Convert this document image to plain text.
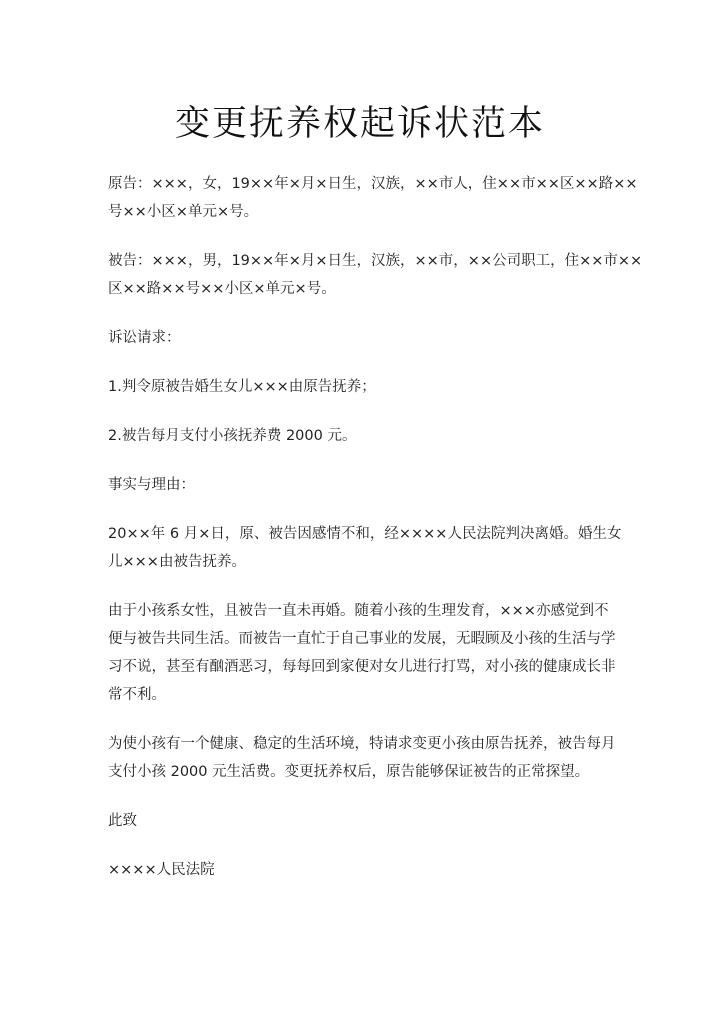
变更抚养权起诉状范本

原告：×××，女，19××年×月×日生，汉族，××市人，住××市××区××路××
号××小区×单元×号。

被告：×××，男，19××年×月×日生，汉族，××市，××公司职工，住××市××
区××路××号××小区×单元×号。

诉讼请求：

1.判令原被告婚生女儿×××由原告抚养；

2.被告每月支付小孩抚养费 2000 元。

事实与理由：

20××年 6 月×日，原、被告因感情不和，经××××人民法院判决离婚。婚生女
儿×××由被告抚养。

由于小孩系女性，且被告一直未再婚。随着小孩的生理发育，×××亦感觉到不
便与被告共同生活。而被告一直忙于自己事业的发展，无暇顾及小孩的生活与学
习不说，甚至有酗酒恶习，每每回到家便对女儿进行打骂，对小孩的健康成长非
常不利。

为使小孩有一个健康、稳定的生活环境，特请求变更小孩由原告抚养，被告每月
支付小孩 2000 元生活费。变更抚养权后，原告能够保证被告的正常探望。

此致

××××人民法院
